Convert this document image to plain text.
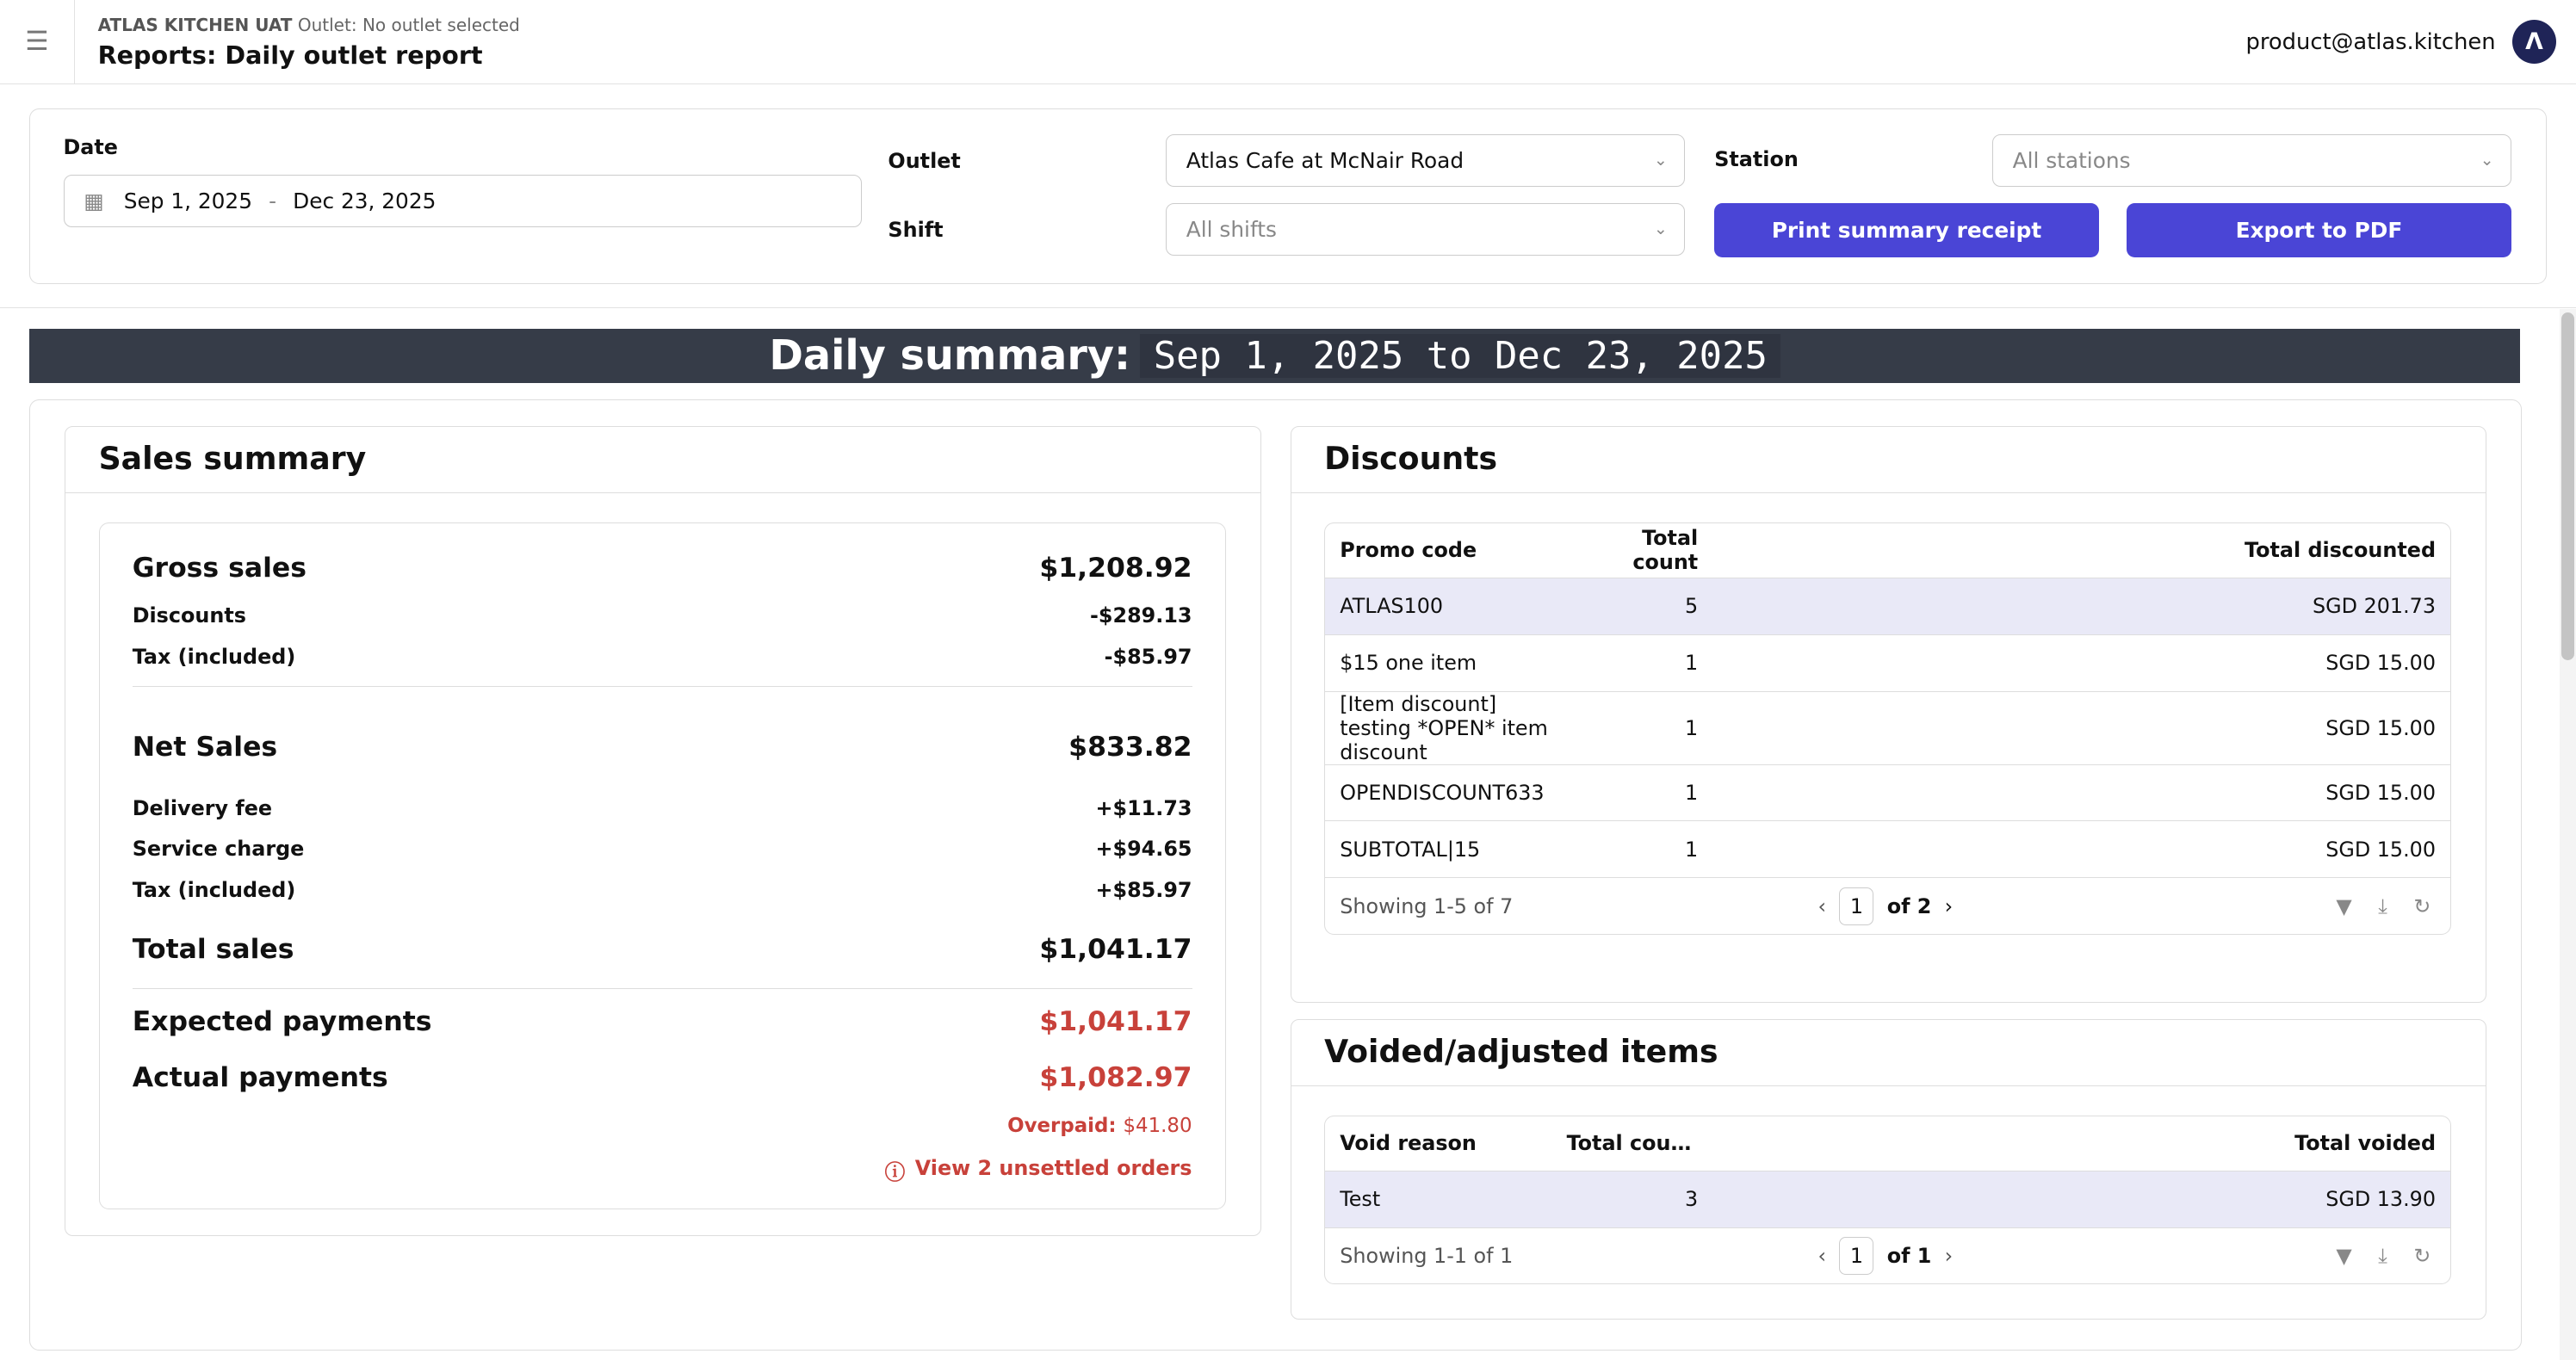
☰
ATLAS KITCHEN UAT Outlet: No outlet selected
Reports: Daily outlet report	product@atlas.kitchen	Λ
Date
▦ Sep 1, 2025 - Dec 23, 2025
Outlet	Atlas Cafe at McNair Road	⌄
Shift	All shifts	⌄
Station	All stations	⌄
Print summary receipt	Export to PDF
Daily summary:	Sep 1, 2025 to Dec 23, 2025
Sales summary
Gross sales	$1,208.92
Discounts	-$289.13
Tax (included)	-$85.97
Net Sales	$833.82
Delivery fee	+$11.73
Service charge	+$94.65
Tax (included)	+$85.97
Total sales	$1,041.17
Expected payments	$1,041.17
Actual payments	$1,082.97
Overpaid:
$41.80
ⓘ View 2 unsettled orders
Discounts
Promo code	Total count	Total discounted
ATLAS100	5	SGD 201.73
$15 one item	1	SGD 15.00
[Item discount] testing *OPEN* item discount	1	SGD 15.00
OPENDISCOUNT633	1	SGD 15.00
SUBTOTAL|15	1	SGD 15.00
Showing 1-5 of 7	‹	1	of 2 ›	▼ ⤓ ↻
Voided/adjusted items
Void reason	Total cou…	Total voided
Test	3	SGD 13.90
Showing 1-1 of 1	‹	1	of 1 ›	▼ ⤓ ↻
